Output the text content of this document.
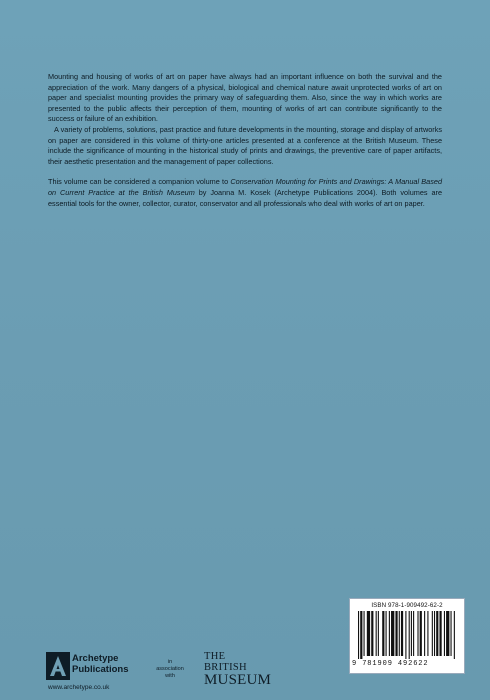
Mounting and housing of works of art on paper have always had an important influence on both the survival and the appreciation of the work. Many dangers of a physical, biological and chemical nature await unprotected works of art on paper and specialist mounting provides the primary way of safeguarding them. Also, since the way in which works are presented to the public affects their perception of them, mounting of works of art can contribute significantly to the success or failure of an exhibition.

A variety of problems, solutions, past practice and future developments in the mounting, storage and display of artworks on paper are considered in this volume of thirty-one articles presented at a conference at the British Museum. These include the significance of mounting in the historical study of prints and drawings, the preventive care of paper artifacts, their aesthetic presentation and the management of paper collections.

This volume can be considered a companion volume to Conservation Mounting for Prints and Drawings: A Manual Based on Current Practice at the British Museum by Joanna M. Kosek (Archetype Publications 2004). Both volumes are essential tools for the owner, collector, curator, conservator and all professionals who deal with works of art on paper.

ISBN 978-1-909492-62-2
9 781909 492622
Archetype
Publications
www.archetype.co.uk
in
association
with
THE
BRITISH
MUSEUM
